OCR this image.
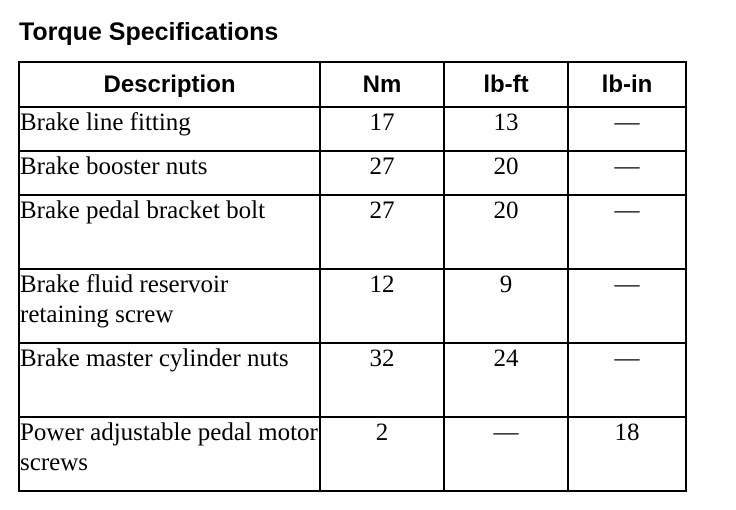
Torque Specifications
Description	Nm	lb-ft	lb-in
Brake line fitting	17	13	—
Brake booster nuts	27	20	—
Brake pedal bracket bolt	27	20	—
Brake fluid reservoir retaining screw	12	9	—
Brake master cylinder nuts	32	24	—
Power adjustable pedal motor screws	2	—	18
